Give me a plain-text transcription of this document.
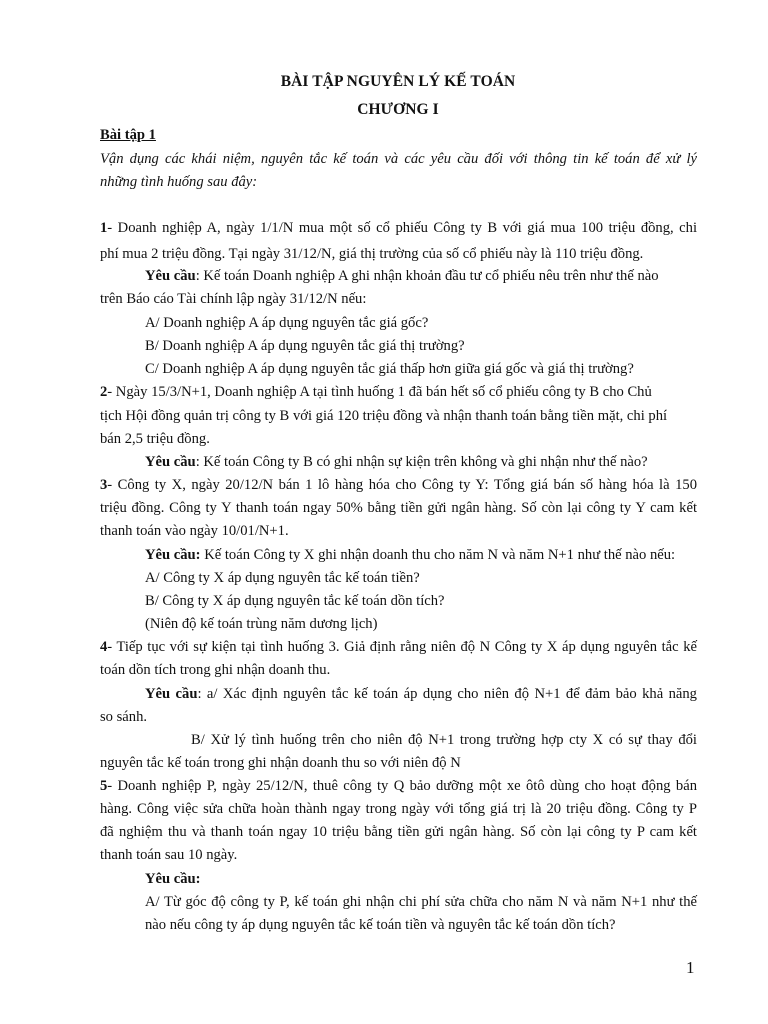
BÀI TẬP NGUYÊN LÝ KẾ TOÁN
CHƯƠNG I
Bài tập 1
Vận dụng các khái niệm, nguyên tắc kế toán và các yêu cầu đối với thông tin kế toán để xử lý
những tình huống sau đây:
1- Doanh nghiệp A, ngày 1/1/N mua một số cổ phiếu Công ty B với giá mua 100 triệu đồng, chi
phí mua 2 triệu đồng. Tại ngày 31/12/N, giá thị trường của số cổ phiếu này là 110 triệu đồng.
Yêu cầu: Kế toán Doanh nghiệp A ghi nhận khoản đầu tư cổ phiếu nêu trên như thế nào
trên Báo cáo Tài chính lập ngày 31/12/N nếu:
A/ Doanh nghiệp A áp dụng nguyên tắc giá gốc?
B/ Doanh nghiệp A áp dụng nguyên tắc giá thị trường?
C/ Doanh nghiệp A áp dụng nguyên tắc giá thấp hơn giữa giá gốc và giá thị trường?
2- Ngày 15/3/N+1, Doanh nghiệp A tại tình huống 1 đã bán hết số cổ phiếu công ty B cho Chủ
tịch Hội đồng quản trị công ty B với giá 120 triệu đồng và nhận thanh toán bằng tiền mặt, chi phí
bán 2,5 triệu đồng.
Yêu cầu: Kế toán Công ty B có ghi nhận sự kiện trên không và ghi nhận như thế nào?
3- Công ty X, ngày 20/12/N bán 1 lô hàng hóa cho Công ty Y: Tổng giá bán số hàng hóa là 150
triệu đồng. Công ty Y thanh toán ngay 50% bằng tiền gửi ngân hàng. Số còn lại công ty Y cam kết
thanh toán vào ngày 10/01/N+1.
Yêu cầu: Kế toán Công ty X ghi nhận doanh thu cho năm N và năm N+1 như thế nào nếu:
A/ Công ty X áp dụng nguyên tắc kế toán tiền?
B/ Công ty X áp dụng nguyên tắc kế toán dồn tích?
(Niên độ kế toán trùng năm dương lịch)
4- Tiếp tục với sự kiện tại tình huống 3. Giả định rằng niên độ N Công ty X áp dụng nguyên tắc kế
toán dồn tích trong ghi nhận doanh thu.
Yêu cầu: a/ Xác định nguyên tắc kế toán áp dụng cho niên độ N+1 để đảm bảo khả năng
so sánh.
B/ Xử lý tình huống trên cho niên độ N+1 trong trường hợp cty X có sự thay đổi
nguyên tắc kế toán trong ghi nhận doanh thu so với niên độ N
5- Doanh nghiệp P, ngày 25/12/N, thuê công ty Q bảo dưỡng một xe ôtô dùng cho hoạt động bán
hàng. Công việc sửa chữa hoàn thành ngay trong ngày với tổng giá trị là 20 triệu đồng. Công ty P
đã nghiệm thu và thanh toán ngay 10 triệu bằng tiền gửi ngân hàng. Số còn lại công ty P cam kết
thanh toán sau 10 ngày.
Yêu cầu:
A/ Từ góc độ công ty P, kế toán ghi nhận chi phí sửa chữa cho năm N và năm N+1 như thế
nào nếu công ty áp dụng nguyên tắc kế toán tiền và nguyên tắc kế toán dồn tích?
1
